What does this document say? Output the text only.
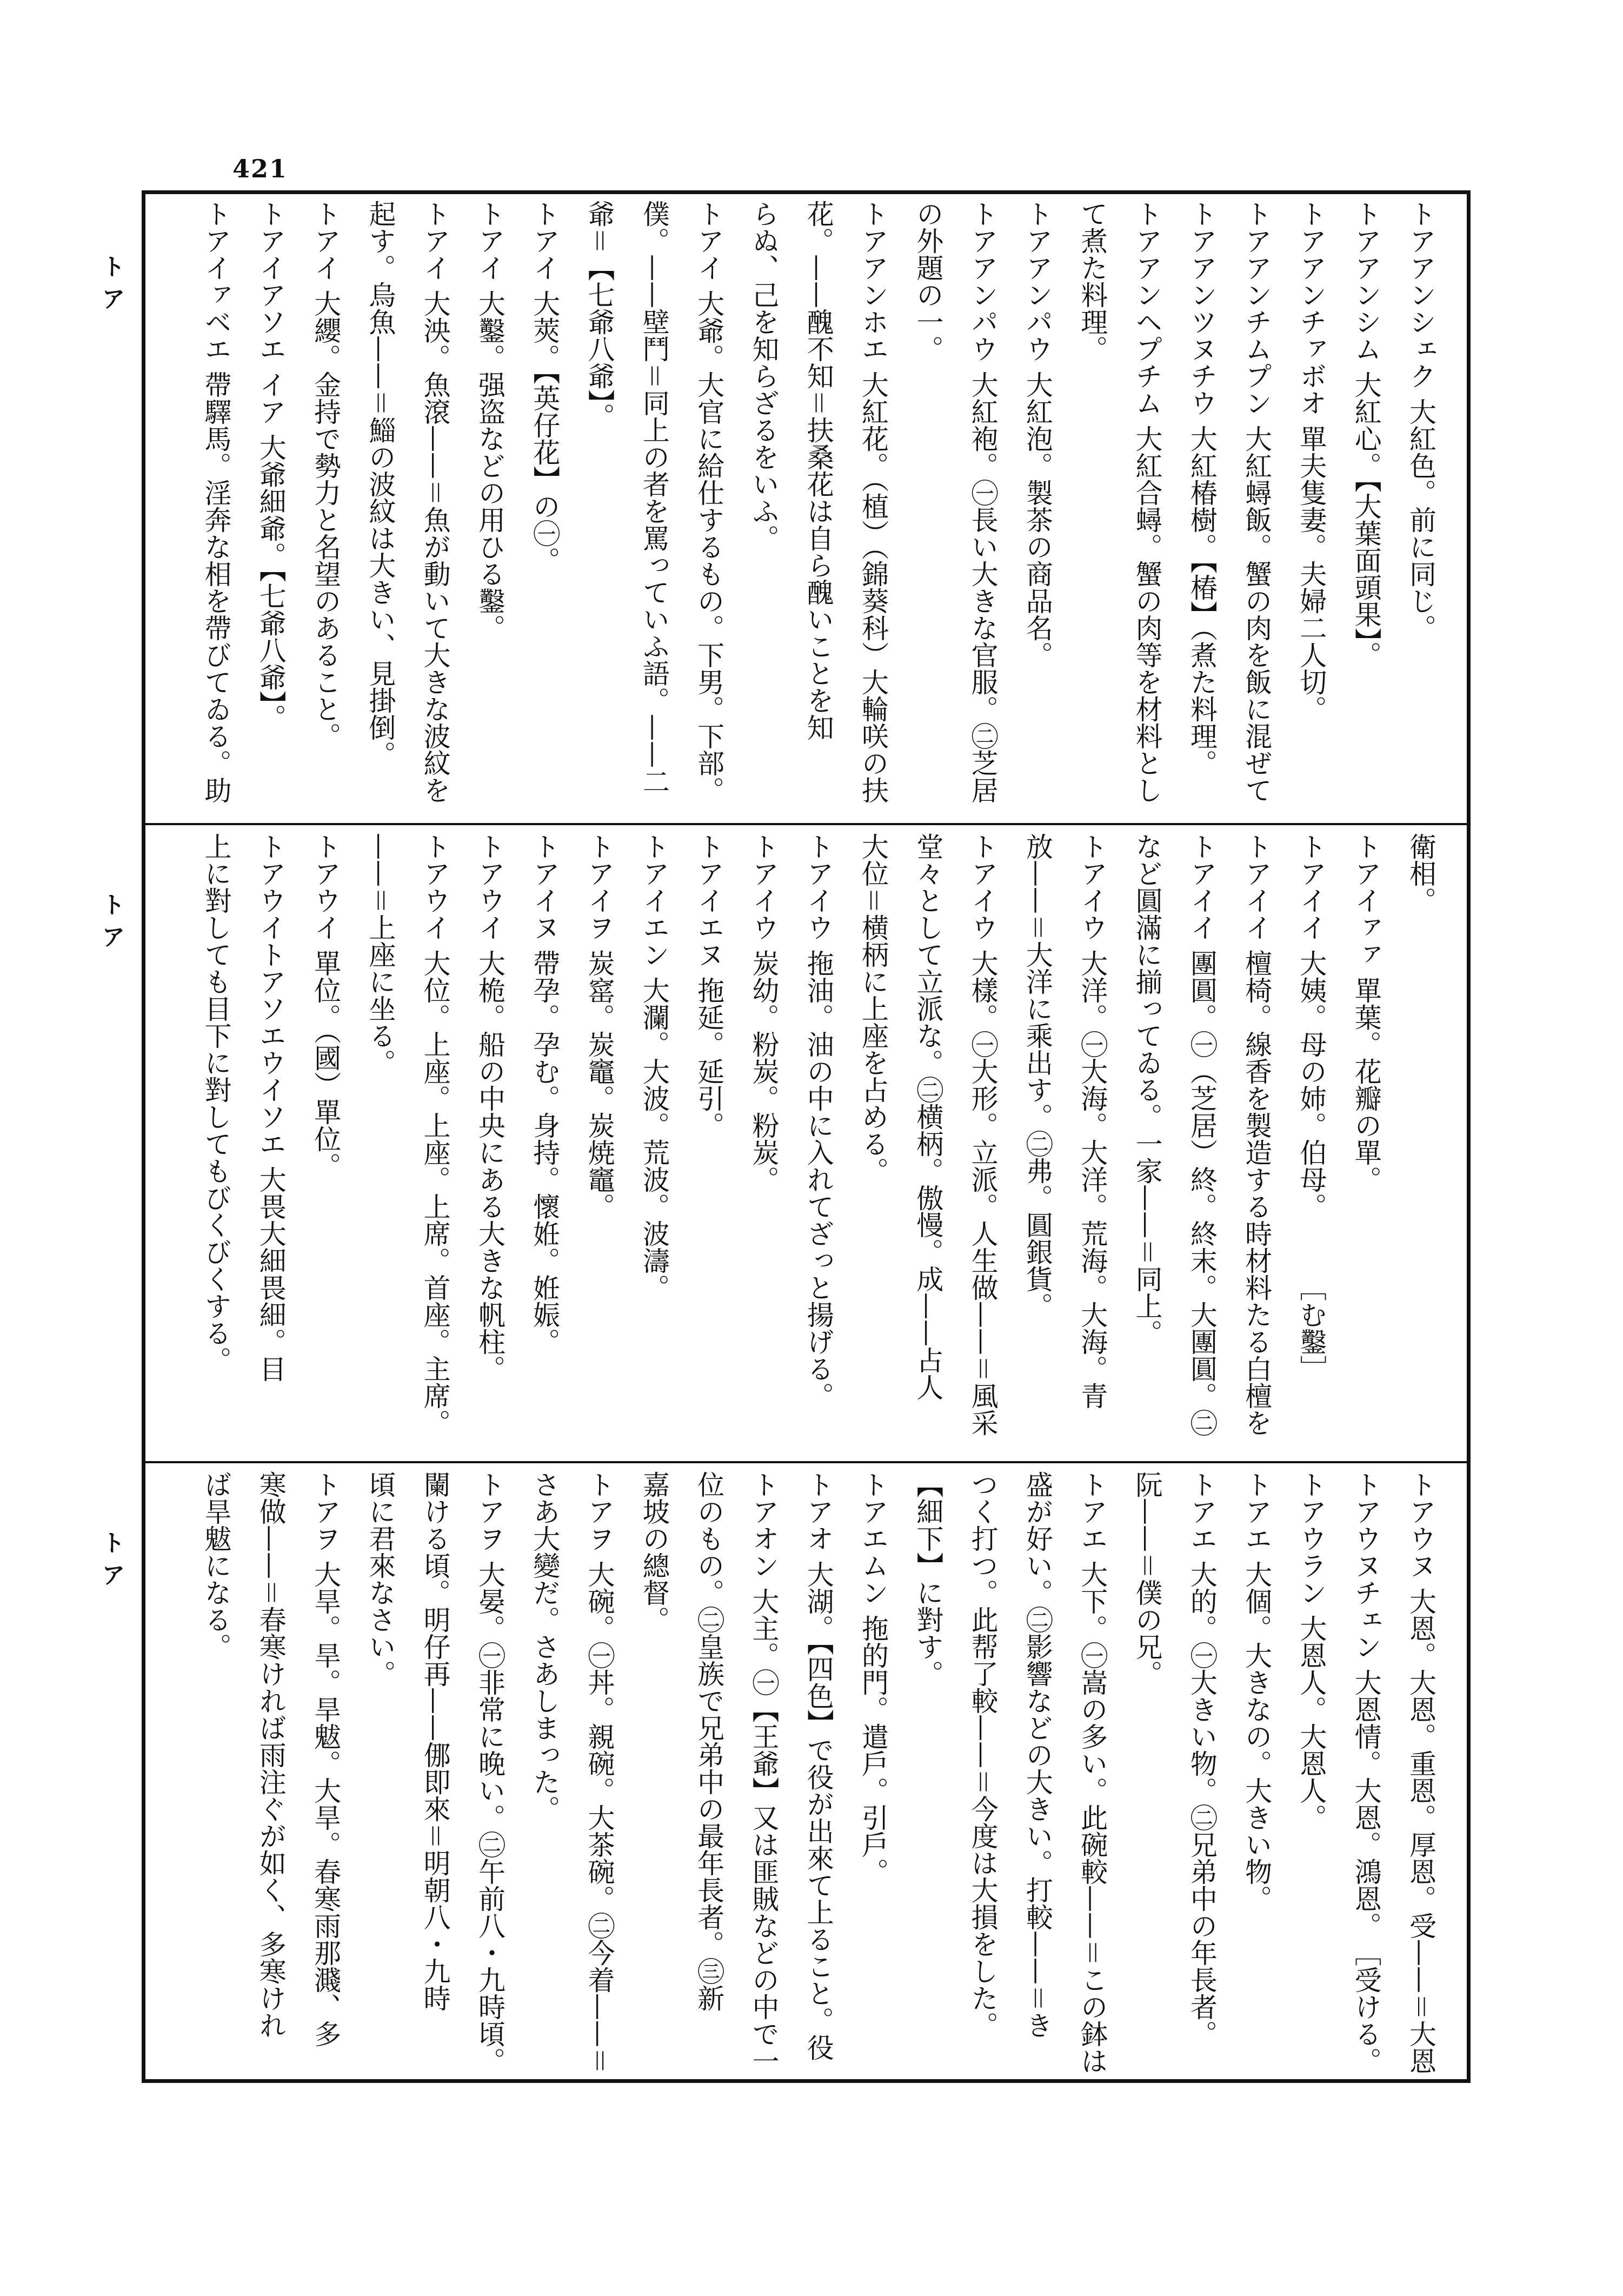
421
ト ア
ト ア
ト ア
トアアンシェク 大紅色。前に同じ。
トアアンシム 大紅心。【大葉面頭果】。
トアアンチァボオ 單夫隻妻。夫婦二人切。
トアアンチムプン 大紅蟳飯。蟹の肉を飯に混ぜて
トアアンツヌチウ 大紅椿樹。【椿】（煮た料理。
トアアンヘプチム 大紅合蟳。蟹の肉等を材料とし
て煮た料理。
トアアンパウ 大紅泡。製茶の商品名。
トアアンパウ 大紅袍。㊀長い大きな官服。㊁芝居
の外題の一。
トアアンホエ 大紅花。（植）（錦葵科）大輪咲の扶
花。——醜不知＝扶桑花は自ら醜いことを知
らぬ、己を知らざるをいふ。
トアイ 大爺。大官に給仕するもの。下男。下部。
僕。——壁鬥＝同上の者を罵っていふ語。——二
爺＝【七爺八爺】。
トアイ 大莢。【英仔花】の㊀。
トアイ 大鑿。强盗などの用ひる鑿。
トアイ 大泱。魚滾——＝魚が動いて大きな波紋を
起す。烏魚——＝鯔の波紋は大きい、見掛倒。
トアイ 大纓。金持で勢力と名望のあること。
トアイアソエ イア 大爺細爺。【七爺八爺】。
トアイァベエ 帶驛馬。淫奔な相を帶びてゐる。助
衛相。
トアイァァ 單葉。花瓣の單。
トアイイ 大姨。母の姉。伯母。　　　［む鑿］
トアイイ 檀椅。線香を製造する時材料たる白檀を
トアイイ 團圓。㊀（芝居）終。終末。大團圓。㊁
など圓滿に揃ってゐる。一家——＝同上。
トアイウ 大洋。㊀大海。大洋。荒海。大海。青
放——＝大洋に乘出す。㊁弗。圓銀貨。
トアイウ 大樣。㊀大形。立派。人生做——＝風采
堂々として立派な。㊁横柄。傲慢。成——占人
大位＝横柄に上座を占める。
トアイウ 拖油。油の中に入れてざっと揚げる。
トアイウ 炭幼。粉炭。粉炭。
トアイエヌ 拖延。延引。
トアイエン 大瀾。大波。荒波。波濤。
トアイヲ 炭窰。炭竈。炭焼竈。
トアイヌ 帶孕。孕む。身持。懷姙。姙娠。
トアウイ 大桅。船の中央にある大きな帆柱。
トアウイ 大位。上座。上座。上席。首座。主席。
——＝上座に坐る。
トアウイ 單位。（國）單位。
トアウイトアソエウイソエ 大畏大細畏細。目
上に對しても目下に對してもびくびくする。
トアウヌ 大恩。大恩。重恩。厚恩。受——＝大恩
トアウヌチェン 大恩情。大恩。鴻恩。　［受ける。
トアウラン 大恩人。大恩人。
トアエ 大個。大きなの。大きい物。
トアエ 大的。㊀大きい物。㊁兄弟中の年長者。
阮——＝僕の兄。
トアエ 大下。㊀嵩の多い。此碗較——＝この鉢は
盛が好い。㊁影響などの大きい。打較——＝き
つく打つ。此帮了較——＝今度は大損をした。
【細下】に對す。
トアエムン 拖的門。遣戶。引戶。
トアオ 大湖。【四色】で役が出來て上ること。役
トアオン 大主。㊀【王爺】又は匪賊などの中で一
位のもの。㊁皇族で兄弟中の最年長者。㊂新
嘉坡の總督。
トアヲ 大碗。㊀丼。親碗。大茶碗。㊁今着——＝
さあ大變だ。さあしまった。
トアヲ 大晏。㊀非常に晚い。㊁午前八・九時頃。
闌ける頃。明仔再——㑚即來＝明朝八・九時
頃に君來なさい。
トアヲ 大旱。旱。旱魃。大旱。春寒雨那濺、多
寒做——＝春寒ければ雨注ぐが如く、多寒けれ
ば旱魃になる。
